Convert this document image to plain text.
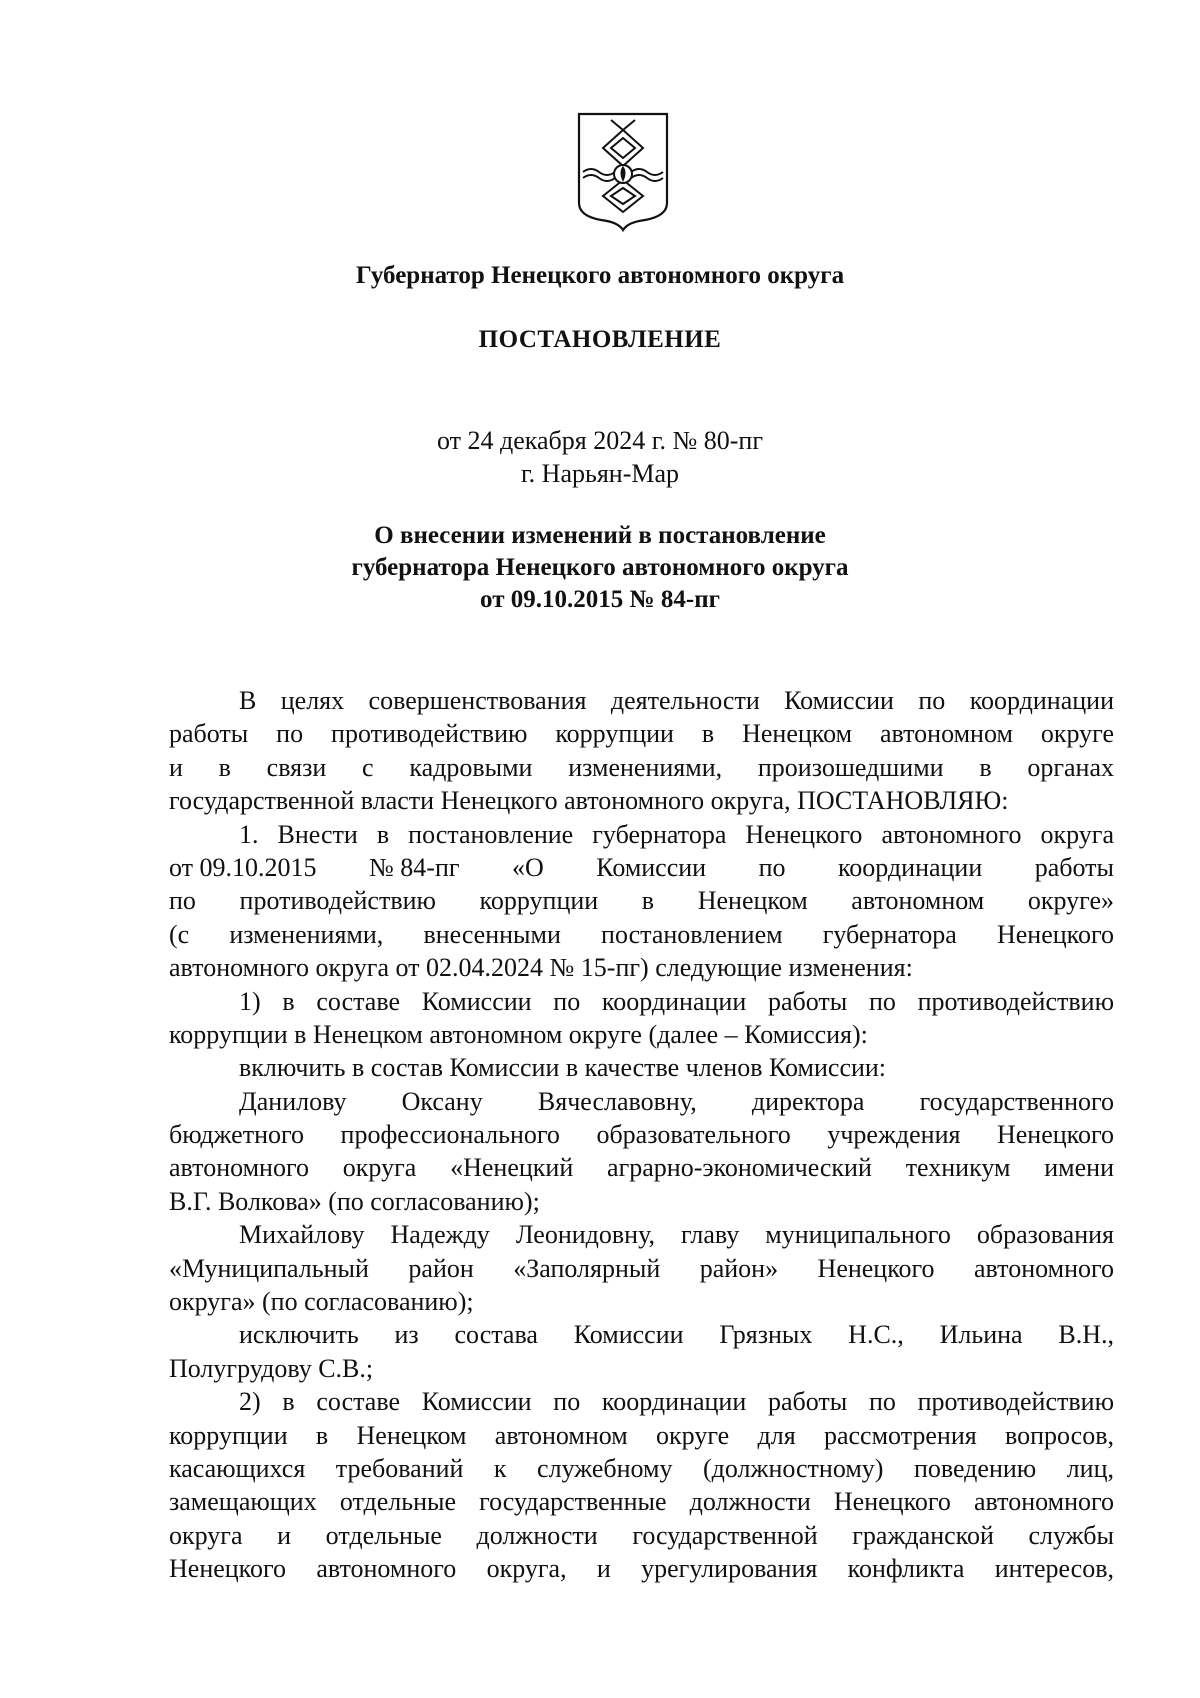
Губернатор Ненецкого автономного округа
ПОСТАНОВЛЕНИЕ
от 24 декабря 2024 г. № 80-пг
г. Нарьян-Мар
О внесении изменений в постановление
губернатора Ненецкого автономного округа
от 09.10.2015 № 84-пг
В целях совершенствования деятельности Комиссии по координации
работы по противодействию коррупции в Ненецком автономном округе
и в связи с кадровыми изменениями, произошедшими в органах
государственной власти Ненецкого автономного округа, ПОСТАНОВЛЯЮ:
1. Внести в постановление губернатора Ненецкого автономного округа
от 09.10.2015 № 84-пг «О Комиссии по координации работы
по противодействию коррупции в Ненецком автономном округе»
(с изменениями, внесенными постановлением губернатора Ненецкого
автономного округа от 02.04.2024 № 15-пг) следующие изменения:
1) в составе Комиссии по координации работы по противодействию
коррупции в Ненецком автономном округе (далее – Комиссия):
включить в состав Комиссии в качестве членов Комиссии:
Данилову Оксану Вячеславовну, директора государственного
бюджетного профессионального образовательного учреждения Ненецкого
автономного округа «Ненецкий аграрно-экономический техникум имени
В.Г. Волкова» (по согласованию);
Михайлову Надежду Леонидовну, главу муниципального образования
«Муниципальный район «Заполярный район» Ненецкого автономного
округа» (по согласованию);
исключить из состава Комиссии Грязных Н.С., Ильина В.Н.,
Полугрудову С.В.;
2) в составе Комиссии по координации работы по противодействию
коррупции в Ненецком автономном округе для рассмотрения вопросов,
касающихся требований к служебному (должностному) поведению лиц,
замещающих отдельные государственные должности Ненецкого автономного
округа и отдельные должности государственной гражданской службы
Ненецкого автономного округа, и урегулирования конфликта интересов,
